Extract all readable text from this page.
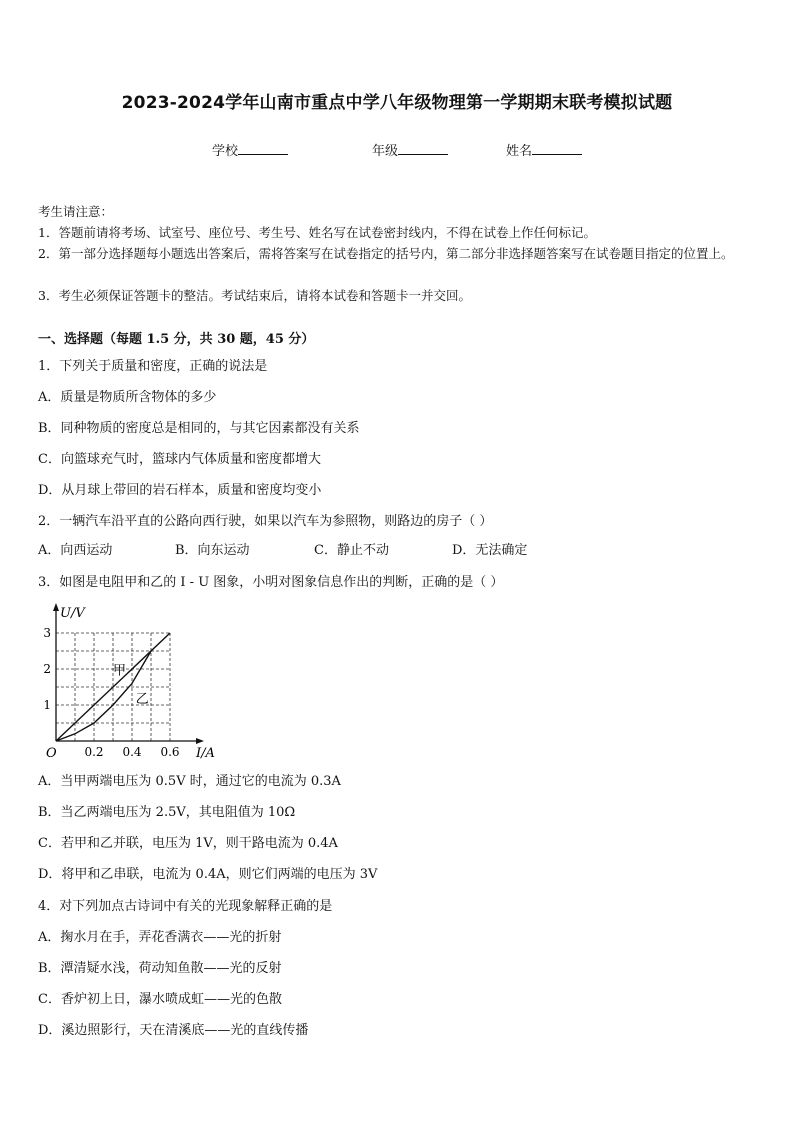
2023-2024学年山南市重点中学八年级物理第一学期期末联考模拟试题
学校	年级	姓名
考生请注意：
1．答题前请将考场、试室号、座位号、考生号、姓名写在试卷密封线内，不得在试卷上作任何标记。
2．第一部分选择题每小题选出答案后，需将答案写在试卷指定的括号内，第二部分非选择题答案写在试卷题目指定的位置上。
3．考生必须保证答题卡的整洁。考试结束后，请将本试卷和答题卡一并交回。
一、选择题（每题 1.5 分，共 30 题，45 分）
1．下列关于质量和密度，正确的说法是
A．质量是物质所含物体的多少
B．同种物质的密度总是相同的，与其它因素都没有关系
C．向篮球充气时，篮球内气体质量和密度都增大
D．从月球上带回的岩石样本，质量和密度均变小
2．一辆汽车沿平直的公路向西行驶，如果以汽车为参照物，则路边的房子（ ）
A．向西运动	B．向东运动	C．静止不动	D．无法确定
3．如图是电阻甲和乙的 I - U 图象，小明对图象信息作出的判断，正确的是（ ）
U/V
I/A
O 0.2 0.4 0.6
1
2
3
甲
乙
A．当甲两端电压为 0.5V 时，通过它的电流为 0.3A
B．当乙两端电压为 2.5V，其电阻值为 10Ω
C．若甲和乙并联，电压为 1V，则干路电流为 0.4A
D．将甲和乙串联，电流为 0.4A，则它们两端的电压为 3V
4．对下列加点古诗词中有关的光现象解释正确的是
A．掬水月在手，弄花香满衣——光的折射
B．潭清疑水浅，荷动知鱼散——光的反射
C．香炉初上日，瀑水喷成虹——光的色散
D．溪边照影行，天在清溪底——光的直线传播
